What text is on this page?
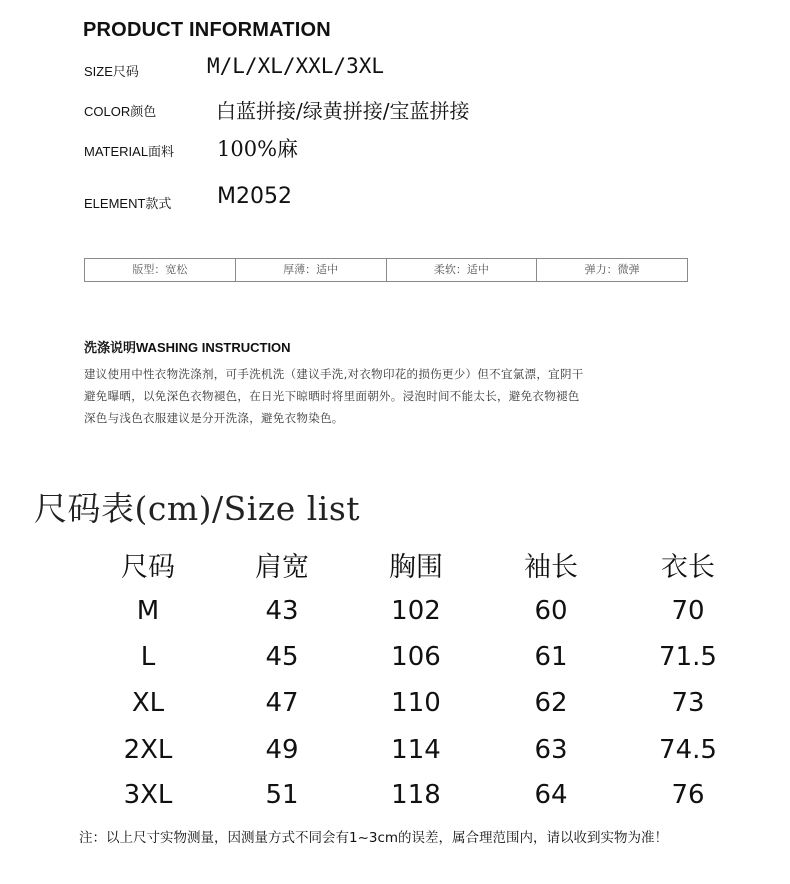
PRODUCT INFORMATION
SIZE尺码	M/L/XL/XXL/3XL
COLOR颜色	白蓝拼接/绿黄拼接/宝蓝拼接
MATERIAL面料 100%麻
ELEMENT款式 M2052
版型：宽松	厚薄：适中	柔软：适中	弹力：微弹
洗涤说明WASHING INSTRUCTION
建议使用中性衣物洗涤剂，可手洗机洗（建议手洗,对衣物印花的损伤更少）但不宜氯漂，宜阴干
避免曝晒，以免深色衣物褪色，在日光下晾晒时将里面朝外。浸泡时间不能太长，避免衣物褪色
深色与浅色衣服建议是分开洗涤，避免衣物染色。
尺码表(cm)/Size list
尺码	肩宽	胸围	袖长	衣长
M	43	102	60	70
L	45	106	61	71.5
XL	47	110	62	73
2XL	49	114	63	74.5
3XL	51	118	64	76
注：以上尺寸实物测量，因测量方式不同会有1~3cm的误差，属合理范围内，请以收到实物为准！
